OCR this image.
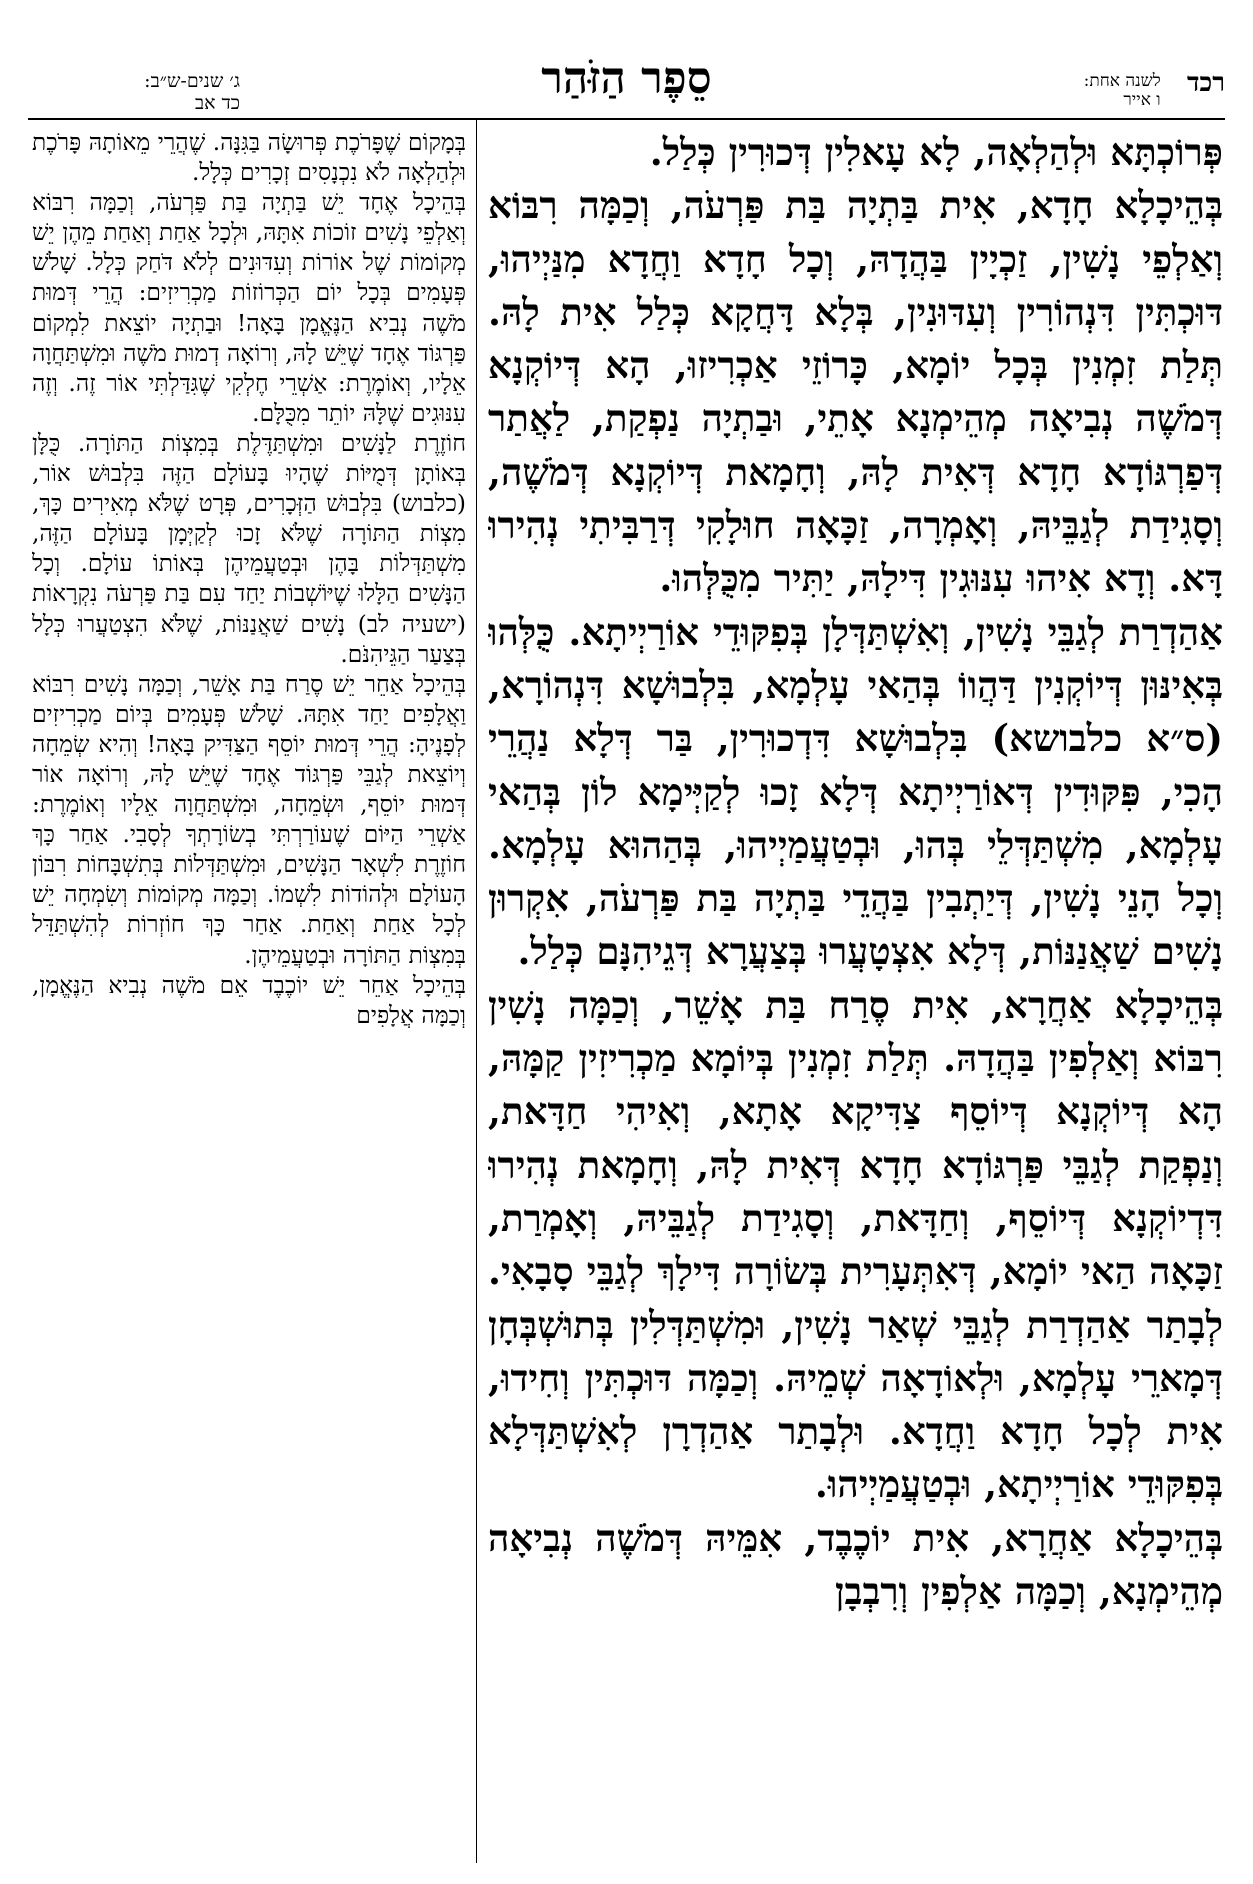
רכד
לשנה אחת:
ו אייר
סֵפֶר הַזֹּהַר
ג׳ שנים-ש״ב:
כד אב

פְּרוֹכְתָּא וּלְהַלְאָה, לָא עָאלִין דְּכוּרִין כְּלַל.

בְּהֵיכָלָא חָדָא, אִית בַּתְיָה בַּת פַּרְעֹה, וְכַמָּה רִבּוֹא וְאַלְפֵי נָשִׁין, זַכְיָין בַּהֲדָהּ, וְכָל חָדָא וַחֲדָא מִנַּיְיהוּ, דּוּכְתִּין דִּנְהוֹרִין וְעִדּוּנִין, בְּלָא דָּחֲקָא כְּלַל אִית לָהּ. תְּלַת זִמְנִין בְּכָל יוֹמָא, כָּרוֹזֵי אַכְרִיזוּ, הָא דְּיוֹקְנָא דְּמֹשֶׁה נְבִיאָה מְהֵימְנָא אָתֵי, וּבַתְיָה נַפְקַת, לַאֲתַר דְּפַרְגּוֹדָא חָדָא דְּאִית לָהּ, וְחָמָאת דְּיוֹקְנָא דְּמֹשֶׁה, וְסָגִידַת לְגַבֵּיהּ, וְאָמְרָה, זַכָּאָה חוּלָקִי דְּרַבִּיתִי נְהִירוּ דָּא. וְדָא אִיהוּ עִנּוּגִין דִּילָהּ, יַתִּיר מִכֻּלְּהוּ.

אַהַדְרַת לְגַבֵּי נָשִׁין, וְאִשְׁתַּדְּלָן בְּפִקּוּדֵי אוֹרַיְיתָא. כֻּלְּהוּ בְּאִינּוּן דְּיוֹקְנִין דַּהֲווֹ בְּהַאי עָלְמָא, בִּלְבוּשָׁא דִּנְהוֹרָא, (ס״א כלבושא) בִּלְבוּשָׁא דִּדְכוּרִין, בַּר דְּלָא נַהֲרֵי הָכִי, פִּקּוּדִין דְּאוֹרַיְיתָא דְּלָא זָכוּ לְקַיְּימָא לוֹן בְּהַאי עָלְמָא, מִשְׁתַּדְּלֵי בְּהוּ, וּבְטַעֲמַיְיהוּ, בְּהַהוּא עָלְמָא. וְכָל הָנֵי נָשִׁין, דְּיַתְבִין בַּהֲדֵי בַּתְיָה בַּת פַּרְעֹה, אִקְרוּן נָשִׁים שַׁאֲנַנּוֹת, דְּלָא אִצְטָעֲרוּ בְּצַעֲרָא דְּגֵיהִנָּם כְּלַל.

בְּהֵיכָלָא אַחֲרָא, אִית סֶרַח בַּת אָשֵׁר, וְכַמָּה נָשִׁין רִבּוֹא וְאַלְפִין בַּהֲדָהּ. תְּלַת זִמְנִין בְּיוֹמָא מַכְרִיזִין קַמָּהּ, הָא דְּיוֹקְנָא דְּיוֹסֵף צַדִּיקָא אָתָא, וְאִיהִי חַדָּאת, וְנַפְקַת לְגַבֵּי פַּרְגּוֹדָא חָדָא דְּאִית לָהּ, וְחָמָאת נְהִירוּ דִּדְיוֹקְנָא דְּיוֹסֵף, וְחַדָּאת, וְסָגִידַת לְגַבֵּיהּ, וְאָמְרַת, זַכָּאָה הַאי יוֹמָא, דְּאִתְּעָרִית בְּשׂוֹרָה דִּילָךְ לְגַבֵּי סָבָאִי. לְבָתַר אַהַדְרַת לְגַבֵּי שְׁאַר נָשִׁין, וּמִשְׁתַּדְּלִין בְּתוּשְׁבְּחָן דְּמָארֵי עָלְמָא, וּלְאוֹדָאָה שְׁמֵיהּ. וְכַמָּה דּוּכְתִּין וְחִידוּ, אִית לְכָל חָדָא וַחֲדָא. וּלְבָתַר אַהַדְרָן לְאִשְׁתַּדְּלָא בְּפִקּוּדֵי אוֹרַיְיתָא, וּבְטַעֲמַיְיהוּ.

בְּהֵיכָלָא אַחֲרָא, אִית יוֹכֶבֶד, אִמֵּיהּ דְּמֹשֶׁה נְבִיאָה מְהֵימְנָא, וְכַמָּה אַלְפִין וְרִבְבָן

בְּמָקוֹם שֶׁפָּרֹכֶת פְּרוּשָׂה בַּגִּנָּה. שֶׁהֲרֵי מֵאוֹתָהּ פָּרֹכֶת וּלְהַלְאָה לֹא נִכְנָסִים זְכָרִים כְּלָל.

בְּהֵיכָל אֶחָד יֵשׁ בַּתְיָה בַּת פַּרְעֹה, וְכַמָּה רִבּוֹא וְאַלְפֵי נָשִׁים זוֹכוֹת אִתָּהּ, וּלְכָל אַחַת וְאַחַת מֵהֶן יֵשׁ מְקוֹמוֹת שֶׁל אוֹרוֹת וְעִדּוּנִים לְלֹא דֹּחַק כְּלָל. שָׁלֹשׁ פְּעָמִים בְּכָל יוֹם הַכְּרוֹזוֹת מַכְרִיזִים: הֲרֵי דְּמוּת מֹשֶׁה נְבִיא הַנֶּאֱמָן בָּאָה! וּבַתְיָה יוֹצֵאת לִמְקוֹם פַּרְגּוֹד אֶחָד שֶׁיֵּשׁ לָהּ, וְרוֹאָה דְמוּת מֹשֶׁה וּמִשְׁתַּחֲוָה אֵלָיו, וְאוֹמֶרֶת: אַשְׁרֵי חֶלְקִי שֶׁגִּדַּלְתִּי אוֹר זֶה. וְזֶה עִנּוּגִים שֶׁלָּהּ יוֹתֵר מִכֻּלָּם.

חוֹזֶרֶת לַנָּשִׁים וּמִשְׁתַּדֶּלֶת בְּמִצְוֹת הַתּוֹרָה. כֻּלָּן בְּאוֹתָן דְּמֻיּוֹת שֶׁהָיוּ בָּעוֹלָם הַזֶּה בִּלְבוּשׁ אוֹר, (כלבוש) בִּלְבוּשׁ הַזְּכָרִים, פְּרָט שֶׁלֹּא מְאִירִים כָּךְ, מִצְוֹת הַתּוֹרָה שֶׁלֹּא זָכוּ לְקַיְּמָן בָּעוֹלָם הַזֶּה, מִשְׁתַּדְּלוֹת בָּהֶן וּבְטַעֲמֵיהֶן בְּאוֹתוֹ עוֹלָם. וְכָל הַנָּשִׁים הַלָּלוּ שֶׁיּוֹשְׁבוֹת יַחַד עִם בַּת פַּרְעֹה נִקְרָאוֹת (ישעיה לב) נָשִׁים שַׁאֲנַנּוֹת, שֶׁלֹּא הִצְטַעֲרוּ כְּלָל בְּצַעַר הַגֵּיהִנֹּם.

בְּהֵיכָל אַחֵר יֵשׁ סֶרַח בַּת אָשֵׁר, וְכַמָּה נָשִׁים רִבּוֹא וַאֲלָפִים יַחַד אִתָּהּ. שָׁלֹשׁ פְּעָמִים בְּיוֹם מַכְרִיזִים לְפָנֶיהָ: הֲרֵי דְּמוּת יוֹסֵף הַצַּדִּיק בָּאָה! וְהִיא שְׂמֵחָה וְיוֹצֵאת לְגַבֵּי פַּרְגּוֹד אֶחָד שֶׁיֵּשׁ לָהּ, וְרוֹאָה אוֹר דְּמוּת יוֹסֵף, וּשְׂמֵחָה, וּמִשְׁתַּחֲוָה אֵלָיו וְאוֹמֶרֶת: אַשְׁרֵי הַיּוֹם שֶׁעוֹרַרְתִּי בְשׂוֹרָתְךָ לְסָבִי. אַחַר כָּךְ חוֹזֶרֶת לִשְׁאָר הַנָּשִׁים, וּמִשְׁתַּדְּלוֹת בְּתִשְׁבָּחוֹת רִבּוֹן הָעוֹלָם וּלְהוֹדוֹת לִשְׁמוֹ. וְכַמָּה מְקוֹמוֹת וְשִׂמְחָה יֵשׁ לְכָל אַחַת וְאַחַת. אַחַר כָּךְ חוֹזְרוֹת לְהִשְׁתַּדֵּל בְּמִצְוֹת הַתּוֹרָה וּבְטַעֲמֵיהֶן.

בְּהֵיכָל אַחֵר יֵשׁ יוֹכֶבֶד אֵם מֹשֶׁה נְבִיא הַנֶּאֱמָן, וְכַמָּה אֲלָפִים
